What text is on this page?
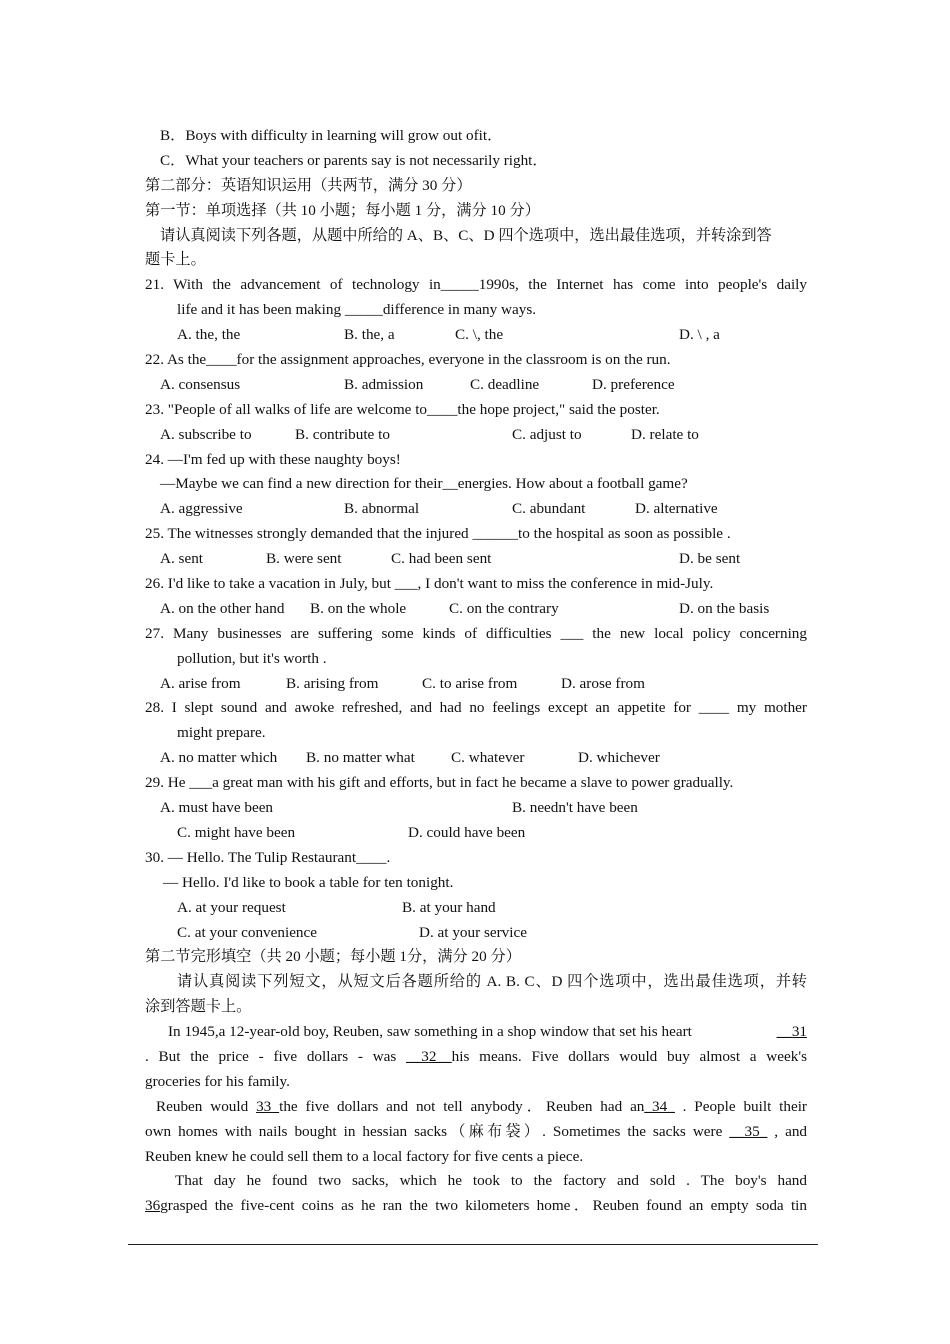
B．Boys with difficulty in learning will grow out ofit．
C．What your teachers or parents say is not necessarily right．
第二部分：英语知识运用（共两节，满分 30 分）
第一节：单项选择（共 10 小题；每小题 1 分，满分 10 分）
请认真阅读下列各题，从题中所给的 A、B、C、D 四个选项中，选出最佳选项，并转涂到答
题卡上。
21. With the advancement of technology in_____1990s, the Internet has come into people's daily
life and it has been making _____difference in many ways.
A. the, the	B. the, a	C. \, the	D. \ , a
22. As the____for the assignment approaches, everyone in the classroom is on the run.
A. consensus	B. admission	C. deadline	D. preference
23. "People of all walks of life are welcome to____the hope project," said the poster.
A. subscribe to	B. contribute to	C. adjust to	D. relate to
24. —I'm fed up with these naughty boys!
—Maybe we can find a new direction for their__energies. How about a football game?
A. aggressive	B. abnormal	C. abundant	D. alternative
25. The witnesses strongly demanded that the injured ______to the hospital as soon as possible .
A. sent	B. were sent	C. had been sent	D. be sent
26. I'd like to take a vacation in July, but ___, I don't want to miss the conference in mid-July.
A. on the other hand B. on the whole	C. on the contrary	D. on the basis
27. Many businesses are suffering some kinds of difficulties ___ the new local policy concerning
pollution, but it's worth .
A. arise from	B. arising from	C. to arise from	D. arose from
28. I slept sound and awoke refreshed, and had no feelings except an appetite for ____ my mother
might prepare.
A. no matter which B. no matter what C. whatever	D. whichever
29. He ___a great man with his gift and efforts, but in fact he became a slave to power gradually.
A. must have been	B. needn't have been
C. might have been	D. could have been
30. — Hello. The Tulip Restaurant____.
— Hello. I'd like to book a table for ten tonight.
A. at your request	B. at your hand
C. at your convenience	D. at your service
第二节完形填空（共 20 小题；每小题 1分，满分 20 分）
请认真阅读下列短文，从短文后各题所给的 A. B. C、D 四个选项中，选出最佳选项，并转
涂到答题卡上。
In 1945,a 12-year-old boy, Reuben, saw something in a shop window that set his heart	__31
. But the price - five dollars - was __32__his means. Five dollars would buy almost a week's
groceries for his family.
Reuben would 33 the five dollars and not tell anybody．Reuben had an_34_ . People built their
own homes with nails bought in hessian sacks（麻布袋）. Sometimes the sacks were __35_ , and
Reuben knew he could sell them to a local factory for five cents a piece.
That day he found two sacks, which he took to the factory and sold . The boy's hand
36grasped the five-cent coins as he ran the two kilometers home．Reuben found an empty soda tin
